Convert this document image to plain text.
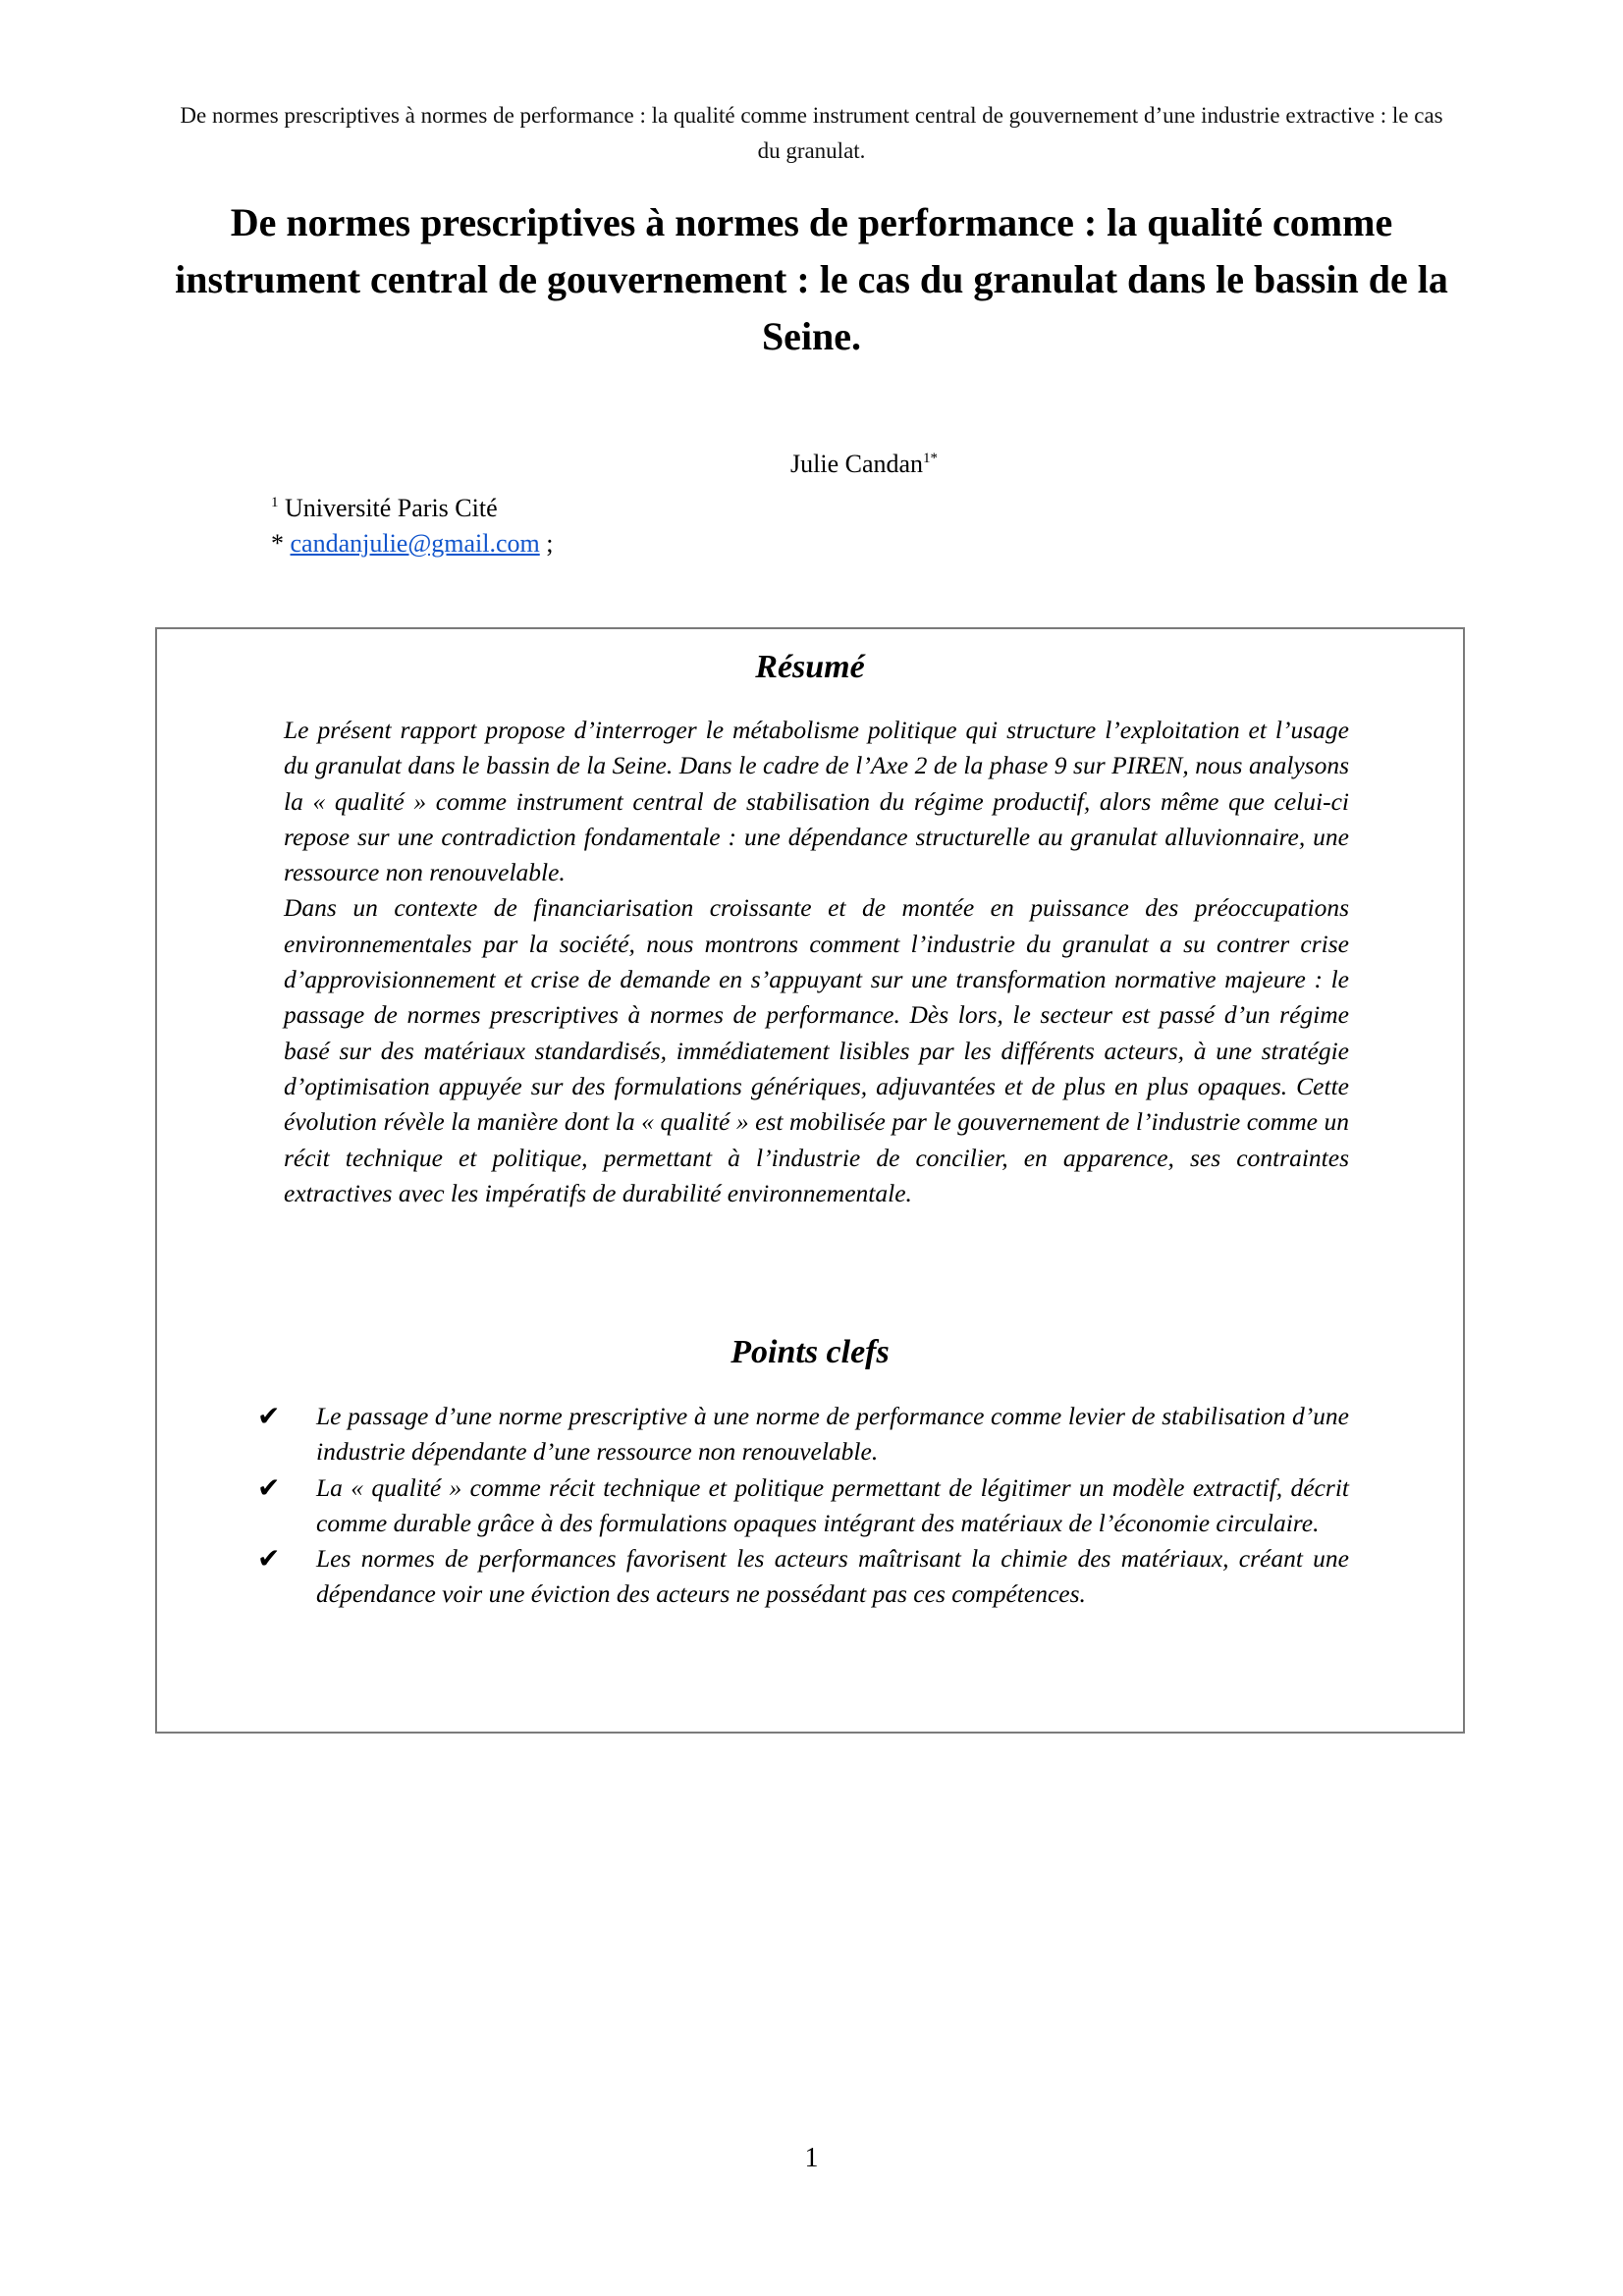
De normes prescriptives à normes de performance : la qualité comme instrument central de gouvernement d’une industrie extractive : le cas du granulat.
De normes prescriptives à normes de performance : la qualité comme instrument central de gouvernement : le cas du granulat dans le bassin de la Seine.
Julie Candan$^{1*}$
$^1$ Université Paris Cité
* candanjulie@gmail.com ;
Résumé

Le présent rapport propose d’interroger le métabolisme politique qui structure l’exploitation et l’usage du granulat dans le bassin de la Seine. Dans le cadre de l’Axe 2 de la phase 9 sur PIREN, nous analysons la « qualité » comme instrument central de stabilisation du régime productif, alors même que celui-ci repose sur une contradiction fondamentale : une dépendance structurelle au granulat alluvionnaire, une ressource non renouvelable.

Dans un contexte de financiarisation croissante et de montée en puissance des préoccupations environnementales par la société, nous montrons comment l’industrie du granulat a su contrer crise d’approvisionnement et crise de demande en s’appuyant sur une transformation normative majeure : le passage de normes prescriptives à normes de performance. Dès lors, le secteur est passé d’un régime basé sur des matériaux standardisés, immédiatement lisibles par les différents acteurs, à une stratégie d’optimisation appuyée sur des formulations génériques, adjuvantées et de plus en plus opaques. Cette évolution révèle la manière dont la « qualité » est mobilisée par le gouvernement de l’industrie comme un récit technique et politique, permettant à l’industrie de concilier, en apparence, ses contraintes extractives avec les impératifs de durabilité environnementale.

Points clefs
✔ Le passage d’une norme prescriptive à une norme de performance comme levier de stabilisation d’une industrie dépendante d’une ressource non renouvelable.
✔ La « qualité » comme récit technique et politique permettant de légitimer un modèle extractif, décrit comme durable grâce à des formulations opaques intégrant des matériaux de l’économie circulaire.
✔ Les normes de performances favorisent les acteurs maîtrisant la chimie des matériaux, créant une dépendance voir une éviction des acteurs ne possédant pas ces compétences.
1
